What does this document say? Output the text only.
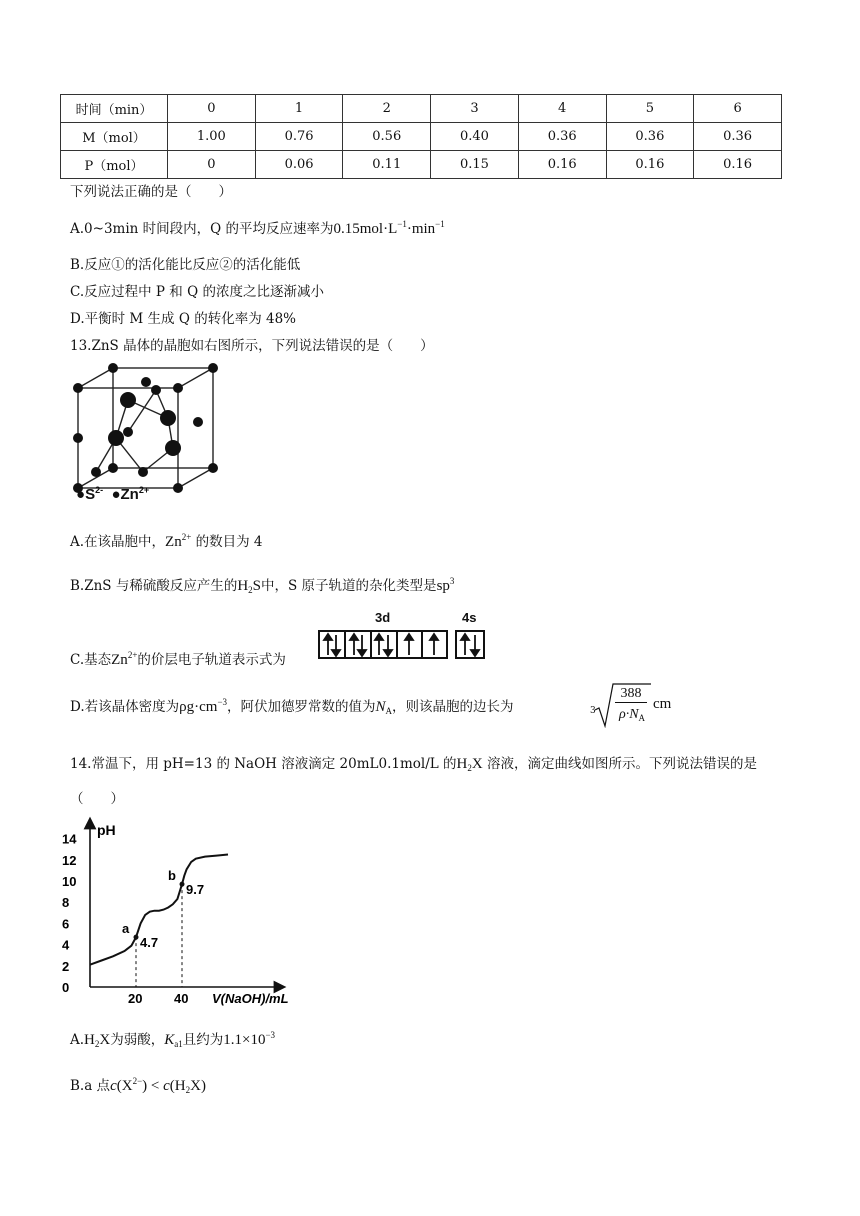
时间（min）	0	1	2	3	4	5	6
M（mol）	1.00	0.76	0.56	0.40	0.36	0.36	0.36
P（mol）	0	0.06	0.11	0.15	0.16	0.16	0.16
下列说法正确的是（　　）
A.0~3min 时间段内，Q 的平均反应速率为$0.15mol\cdot L^{-1}\cdot\min^{-1}$
B.反应①的活化能比反应②的活化能低
C.反应过程中 P 和 Q 的浓度之比逐渐减小
D.平衡时 M 生成 Q 的转化率为 48%
13.ZnS 晶体的晶胞如右图所示，下列说法错误的是（　　）
$●S^{2-}$ $●Zn^{2+}$
A.在该晶胞中，$Zn^{2+}$ 的数目为 4
B.ZnS 与稀硫酸反应产生的$H_2S$中，S 原子轨道的杂化类型是$sp^3$
C.基态$Zn^{2+}$的价层电子轨道表示式为
3d	4s
D.若该晶体密度为$\rho g\cdot cm^{-3}$，阿伏加德罗常数的值为$N_A$，则该晶胞的边长为	3
388
$\rho\cdot N_A$
cm
14.常温下，用 pH=13 的 NaOH 溶液滴定 20mL0.1mol/L 的$H_2X$ 溶液，滴定曲线如图所示。下列说法错误的是
（　　）
0
2
4
6
8
10
12
14
20 40
pH
V(NaOH)/mL
a
4.7
b
9.7
$A.H_2X$为弱酸，$K_{a1}$且约为$1.1\times 10^{-3}$
B.a 点$c(X^{2-}) < c(H_2X)$
